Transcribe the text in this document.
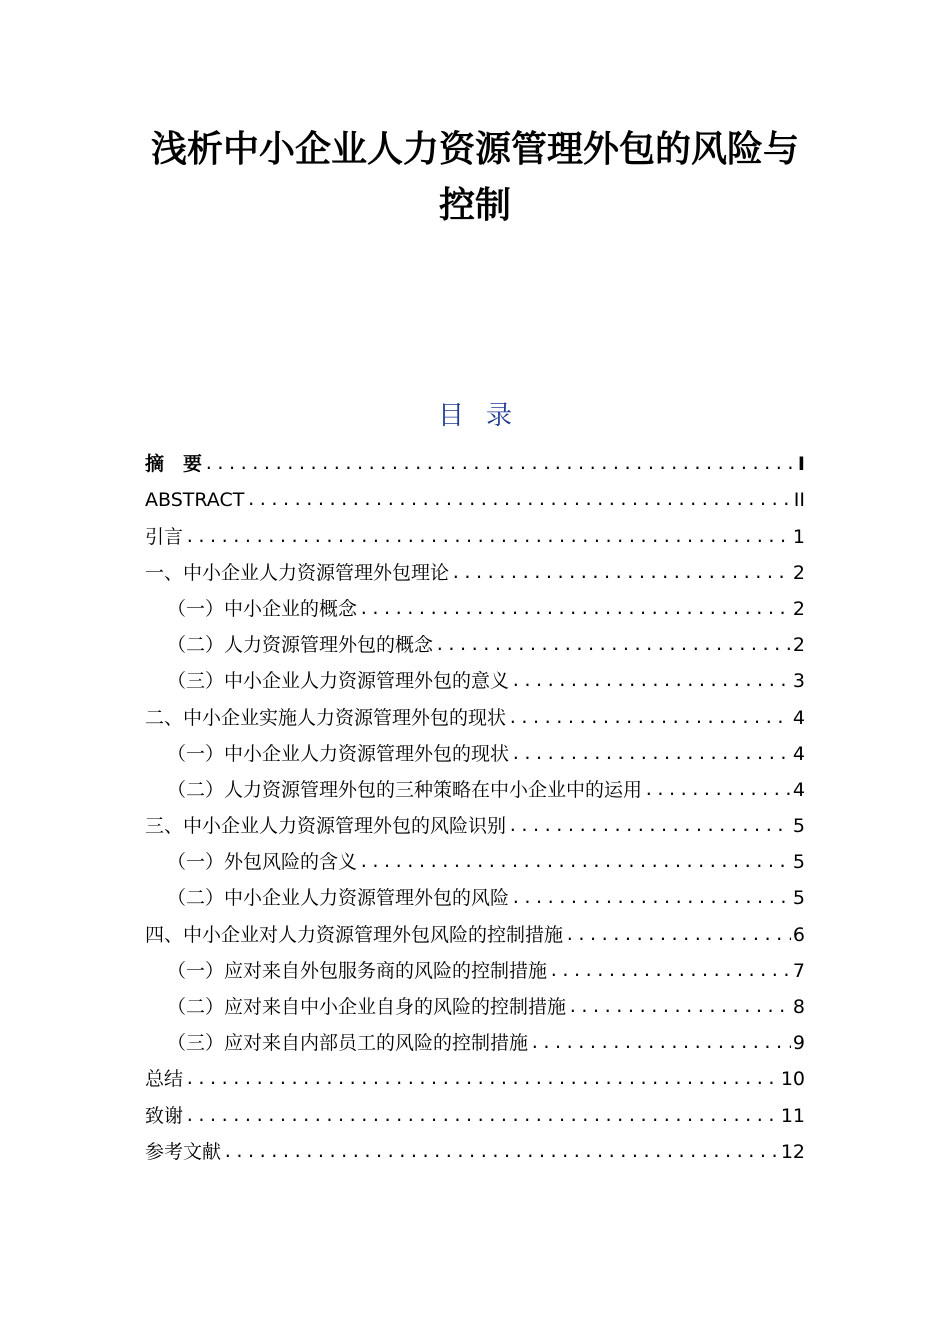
浅析中小企业人力资源管理外包的风险与
控制
目录
摘　要 .....	I
ABSTRACT .....	II
引言 .....	1
一、中小企业人力资源管理外包理论 .....	2
（一）中小企业的概念 .....	2
（二）人力资源管理外包的概念 .....	2
（三）中小企业人力资源管理外包的意义 .....	3
二、中小企业实施人力资源管理外包的现状 .....	4
（一）中小企业人力资源管理外包的现状 .....	4
（二）人力资源管理外包的三种策略在中小企业中的运用 .....	4
三、中小企业人力资源管理外包的风险识别 .....	5
（一）外包风险的含义 .....	5
（二）中小企业人力资源管理外包的风险 .....	5
四、中小企业对人力资源管理外包风险的控制措施 .....	6
（一）应对来自外包服务商的风险的控制措施 .....	7
（二）应对来自中小企业自身的风险的控制措施 .....	8
（三）应对来自内部员工的风险的控制措施 .....	9
总结 .....	10
致谢 .....	11
参考文献 .....	12
